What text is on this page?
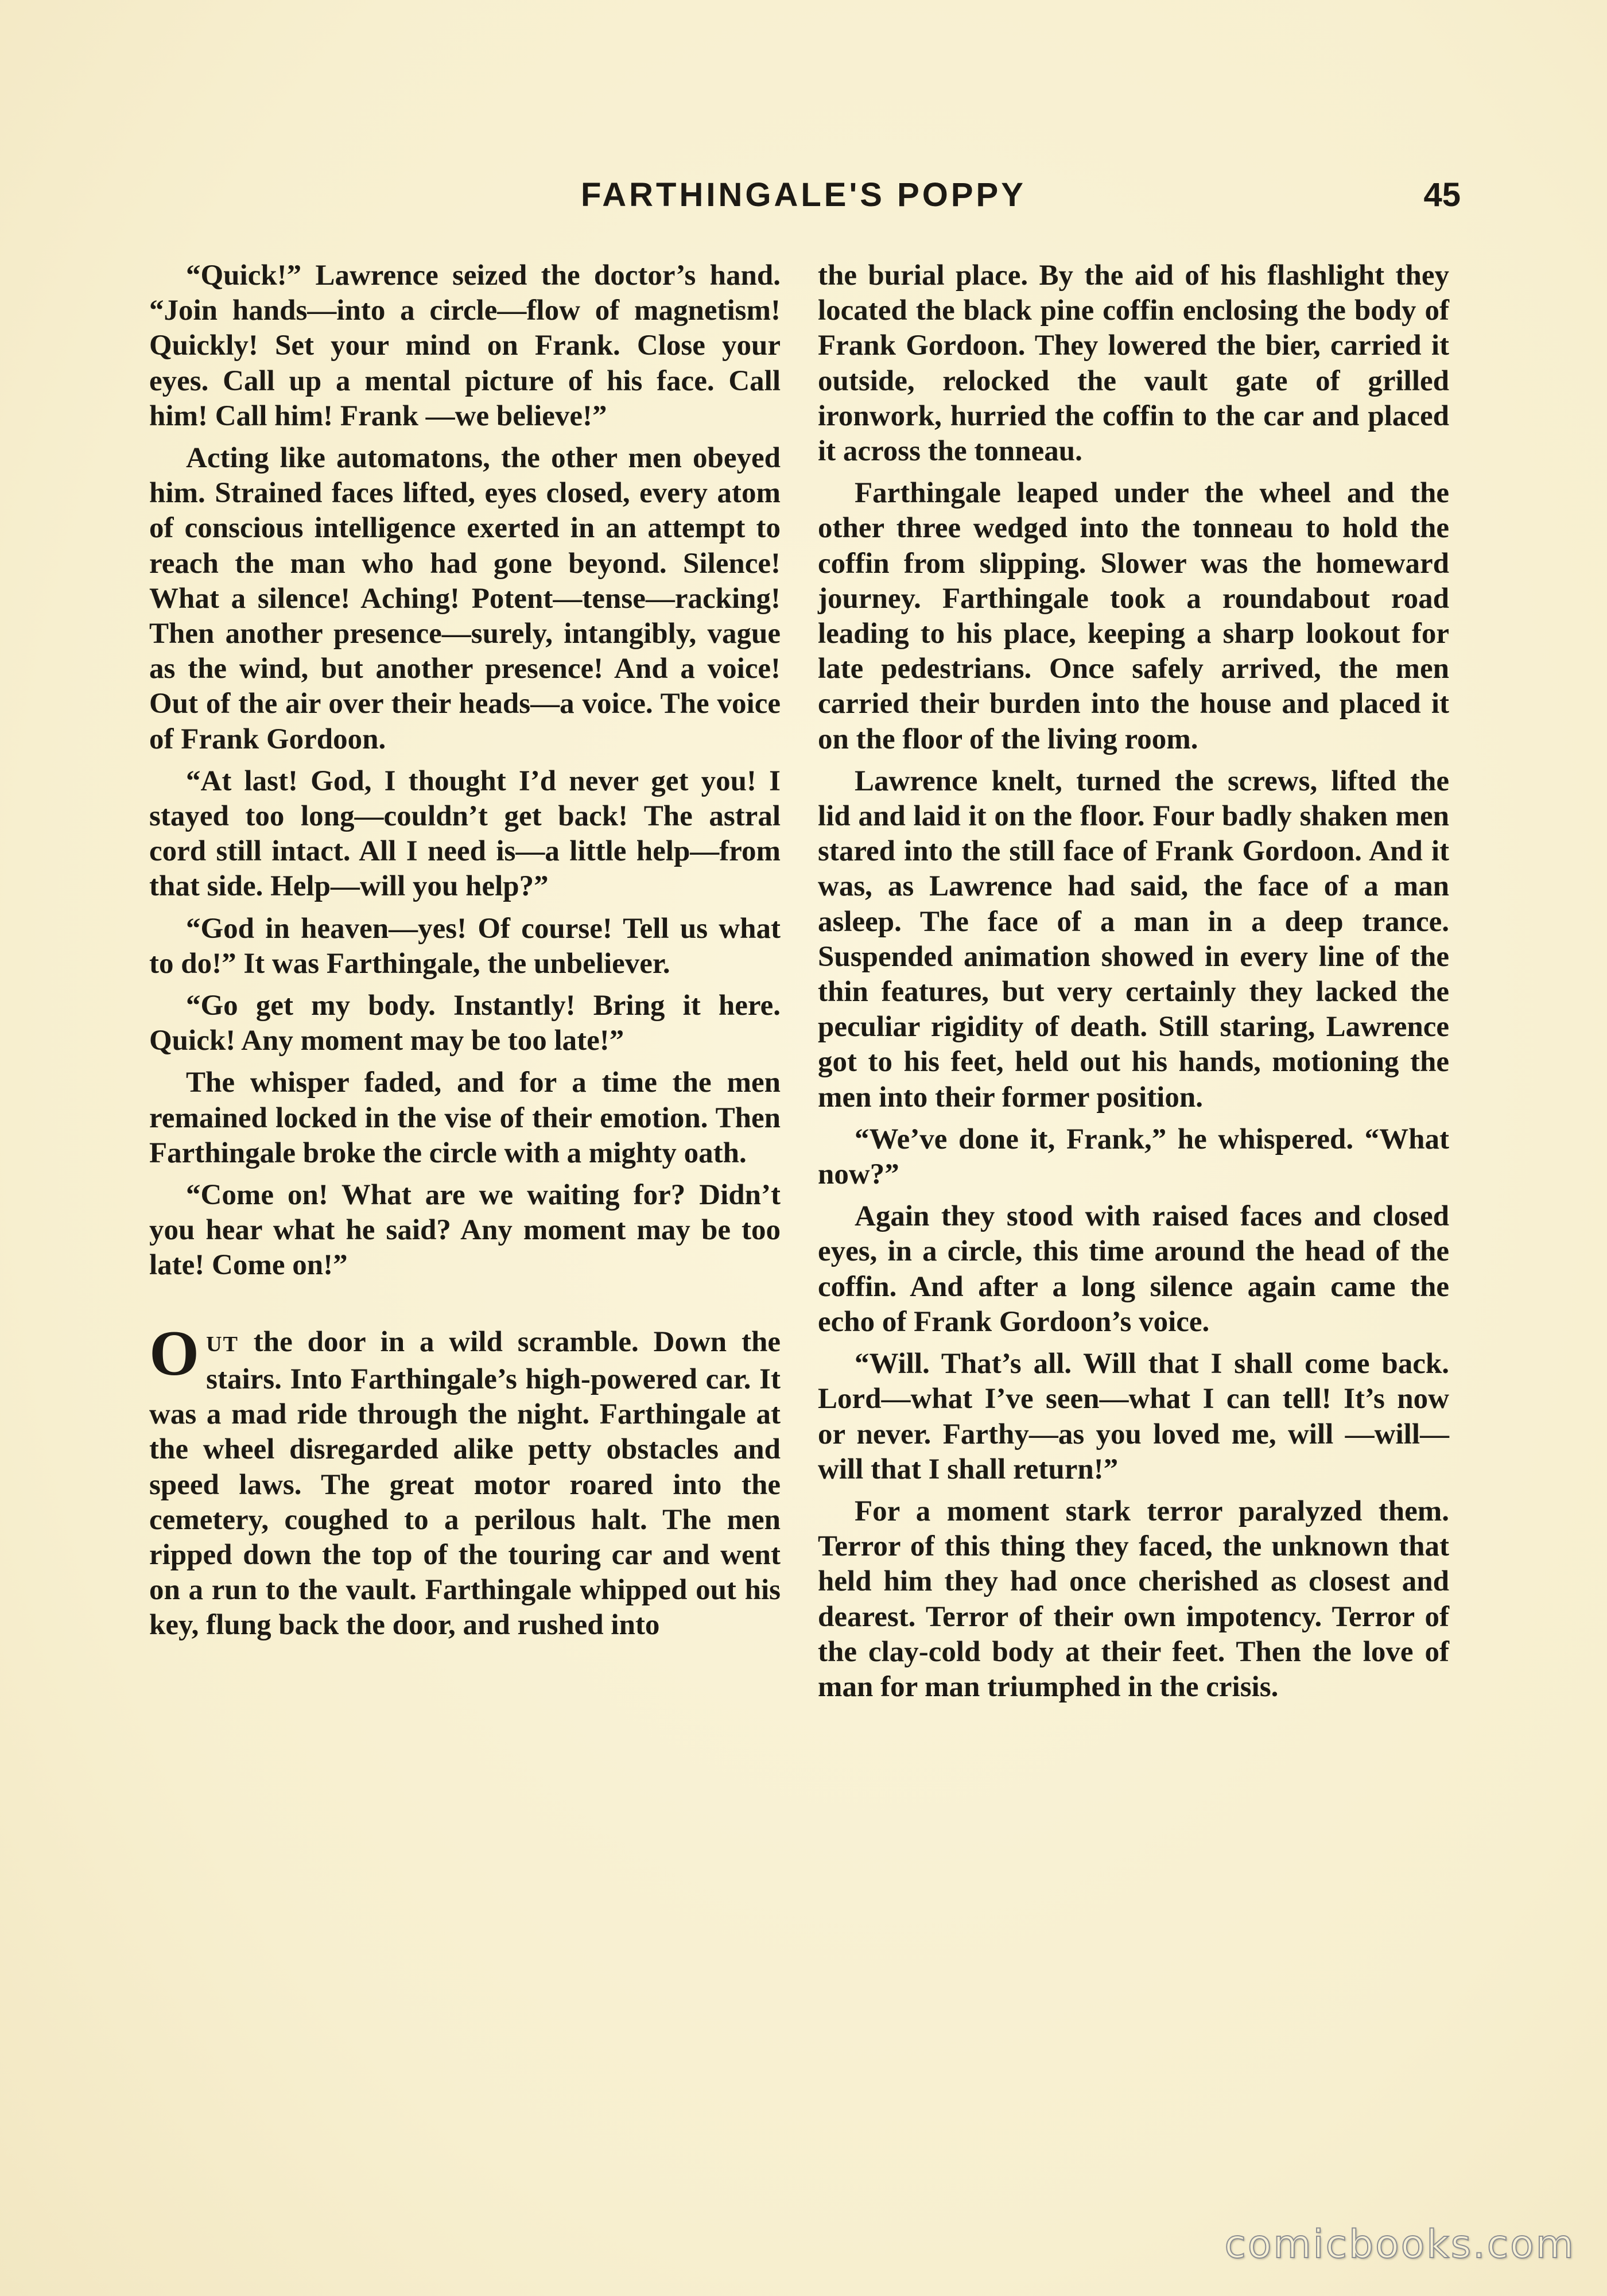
FARTHINGALE'S POPPY	45

“Quick!” Lawrence seized the doctor’s hand. “Join hands—into a circle—flow of magnetism! Quickly! Set your mind on Frank. Close your eyes. Call up a mental picture of his face. Call him! Call him! Frank —we believe!”

Acting like automatons, the other men obeyed him. Strained faces lifted, eyes closed, every atom of conscious intelligence exerted in an attempt to reach the man who had gone beyond. Silence! What a silence! Aching! Potent—tense—racking! Then another presence—surely, intangibly, vague as the wind, but another presence! And a voice! Out of the air over their heads—a voice. The voice of Frank Gordoon.

“At last! God, I thought I’d never get you! I stayed too long—couldn’t get back! The astral cord still intact. All I need is—a little help—from that side. Help—will you help?”

“God in heaven—yes! Of course! Tell us what to do!” It was Farthingale, the unbeliever.

“Go get my body. Instantly! Bring it here. Quick! Any moment may be too late!”

The whisper faded, and for a time the men remained locked in the vise of their emotion. Then Farthingale broke the circle with a mighty oath.

“Come on! What are we waiting for? Didn’t you hear what he said? Any moment may be too late! Come on!”

OUT the door in a wild scramble. Down the stairs. Into Farthingale’s high-powered car. It was a mad ride through the night. Farthingale at the wheel disregarded alike petty obstacles and speed laws. The great motor roared into the cemetery, coughed to a perilous halt. The men ripped down the top of the touring car and went on a run to the vault. Farthingale whipped out his key, flung back the door, and rushed into

the burial place. By the aid of his flashlight they located the black pine coffin enclosing the body of Frank Gordoon. They lowered the bier, carried it outside, relocked the vault gate of grilled ironwork, hurried the coffin to the car and placed it across the tonneau.

Farthingale leaped under the wheel and the other three wedged into the tonneau to hold the coffin from slipping. Slower was the homeward journey. Farthingale took a roundabout road leading to his place, keeping a sharp lookout for late pedestrians. Once safely arrived, the men carried their burden into the house and placed it on the floor of the living room.

Lawrence knelt, turned the screws, lifted the lid and laid it on the floor. Four badly shaken men stared into the still face of Frank Gordoon. And it was, as Lawrence had said, the face of a man asleep. The face of a man in a deep trance. Suspended animation showed in every line of the thin features, but very certainly they lacked the peculiar rigidity of death. Still staring, Lawrence got to his feet, held out his hands, motioning the men into their former position.

“We’ve done it, Frank,” he whispered. “What now?”

Again they stood with raised faces and closed eyes, in a circle, this time around the head of the coffin. And after a long silence again came the echo of Frank Gordoon’s voice.

“Will. That’s all. Will that I shall come back. Lord—what I’ve seen—what I can tell! It’s now or never. Farthy—as you loved me, will —will—will that I shall return!”

For a moment stark terror paralyzed them. Terror of this thing they faced, the unknown that held him they had once cherished as closest and dearest. Terror of their own impotency. Terror of the clay-cold body at their feet. Then the love of man for man triumphed in the crisis.

comicbooks.com
